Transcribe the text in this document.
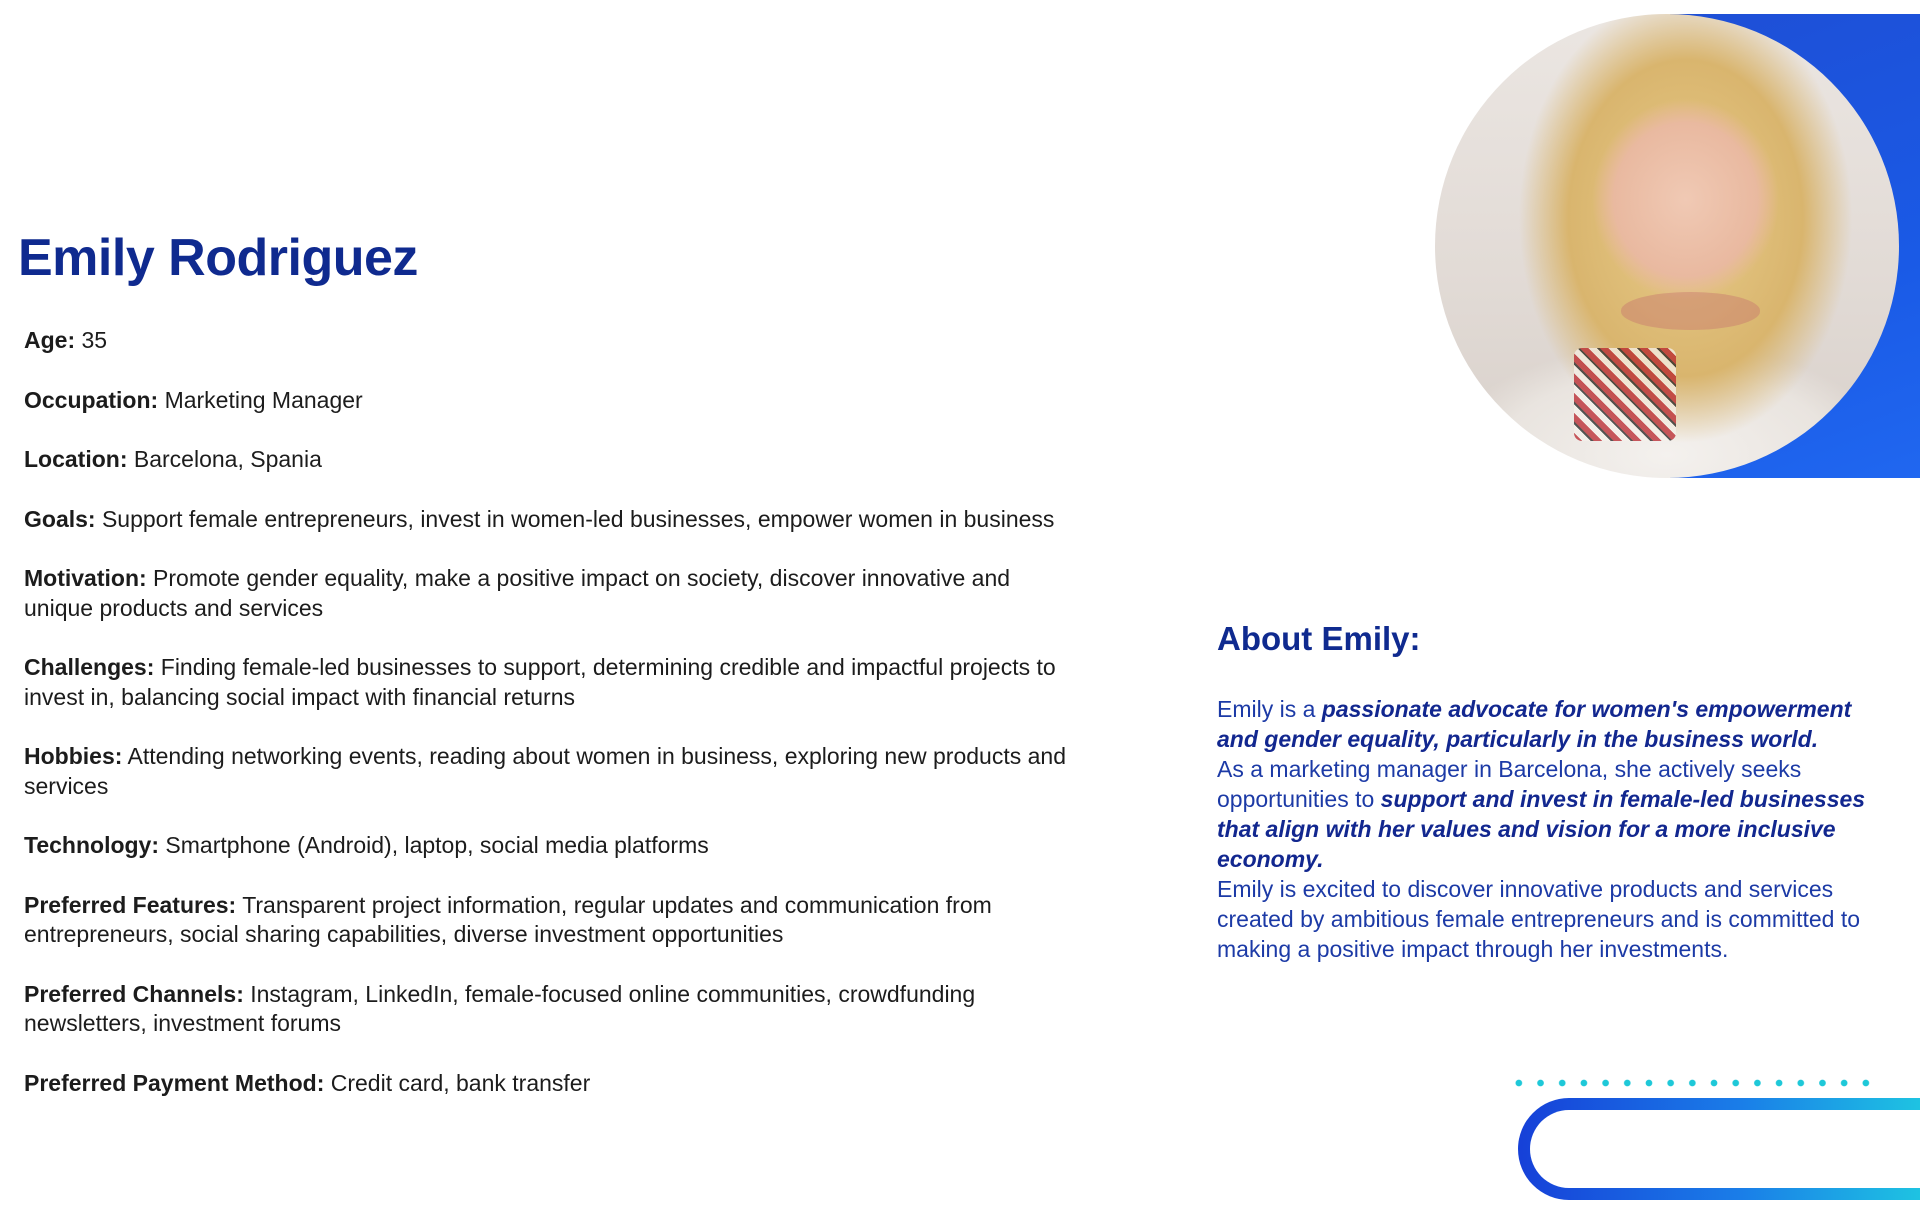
Emily Rodriguez
Age: 35
Occupation: Marketing Manager
Location: Barcelona, Spania
Goals: Support female entrepreneurs, invest in women-led businesses, empower women in business
Motivation: Promote gender equality, make a positive impact on society, discover innovative and unique products and services
Challenges: Finding female-led businesses to support, determining credible and impactful projects to invest in, balancing social impact with financial returns
Hobbies: Attending networking events, reading about women in business, exploring new products and services
Technology: Smartphone (Android), laptop, social media platforms
Preferred Features: Transparent project information, regular updates and communication from entrepreneurs, social sharing capabilities, diverse investment opportunities
Preferred Channels: Instagram, LinkedIn, female-focused online communities, crowdfunding newsletters, investment forums
Preferred Payment Method: Credit card, bank transfer
About Emily:

Emily is a passionate advocate for women's empowerment and gender equality, particularly in the business world.

As a marketing manager in Barcelona, she actively seeks opportunities to support and invest in female-led businesses that align with her values and vision for a more inclusive economy.

Emily is excited to discover innovative products and services created by ambitious female entrepreneurs and is committed to making a positive impact through her investments.
